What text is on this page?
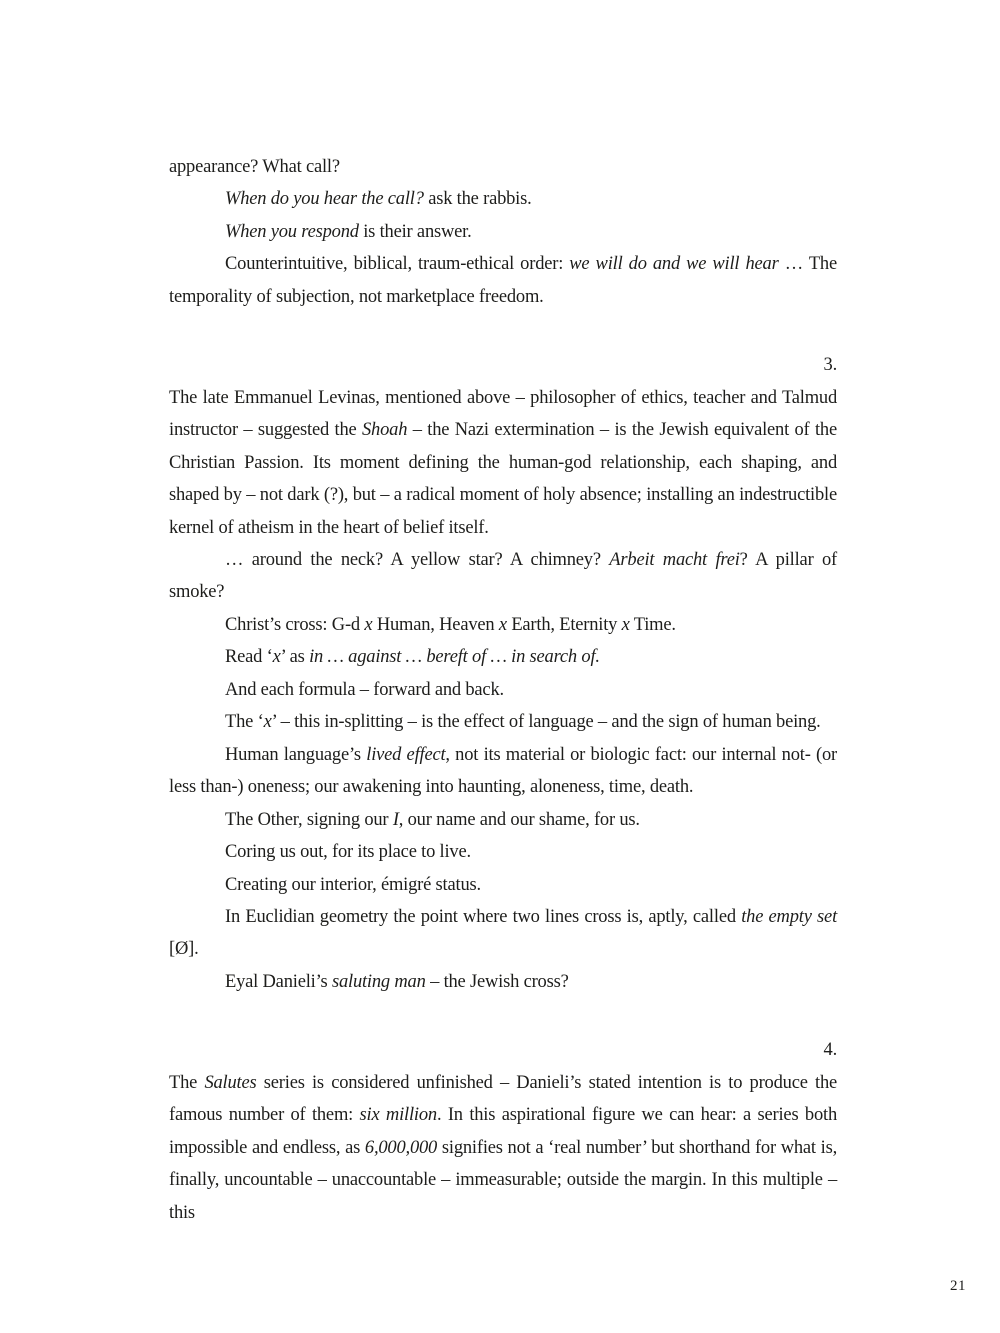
appearance? What call?

When do you hear the call? ask the rabbis.

When you respond is their answer.

Counterintuitive, biblical, traum-ethical order: we will do and we will hear … The temporality of subjection, not marketplace freedom.

3.

The late Emmanuel Levinas, mentioned above – philosopher of ethics, teacher and Talmud instructor – suggested the Shoah – the Nazi extermination – is the Jewish equivalent of the Christian Passion. Its moment defining the human-god relationship, each shaping, and shaped by – not dark (?), but – a radical moment of holy absence; installing an indestructible kernel of atheism in the heart of belief itself.

… around the neck? A yellow star? A chimney? Arbeit macht frei? A pillar of smoke?

Christ’s cross: G-d x Human, Heaven x Earth, Eternity x Time.

Read ‘x’ as in … against … bereft of … in search of.

And each formula – forward and back.

The ‘x’ – this in-splitting – is the effect of language – and the sign of human being.

Human language’s lived effect, not its material or biologic fact: our internal not- (or less than-) oneness; our awakening into haunting, aloneness, time, death.

The Other, signing our I, our name and our shame, for us.

Coring us out, for its place to live.

Creating our interior, émigré status.

In Euclidian geometry the point where two lines cross is, aptly, called the empty set [Ø].

Eyal Danieli’s saluting man – the Jewish cross?

4.

The Salutes series is considered unfinished – Danieli’s stated intention is to produce the famous number of them: six million. In this aspirational figure we can hear: a series both impossible and endless, as 6,000,000 signifies not a ‘real number’ but shorthand for what is, finally, uncountable – unaccountable – immeasurable; outside the margin. In this multiple – this

21
